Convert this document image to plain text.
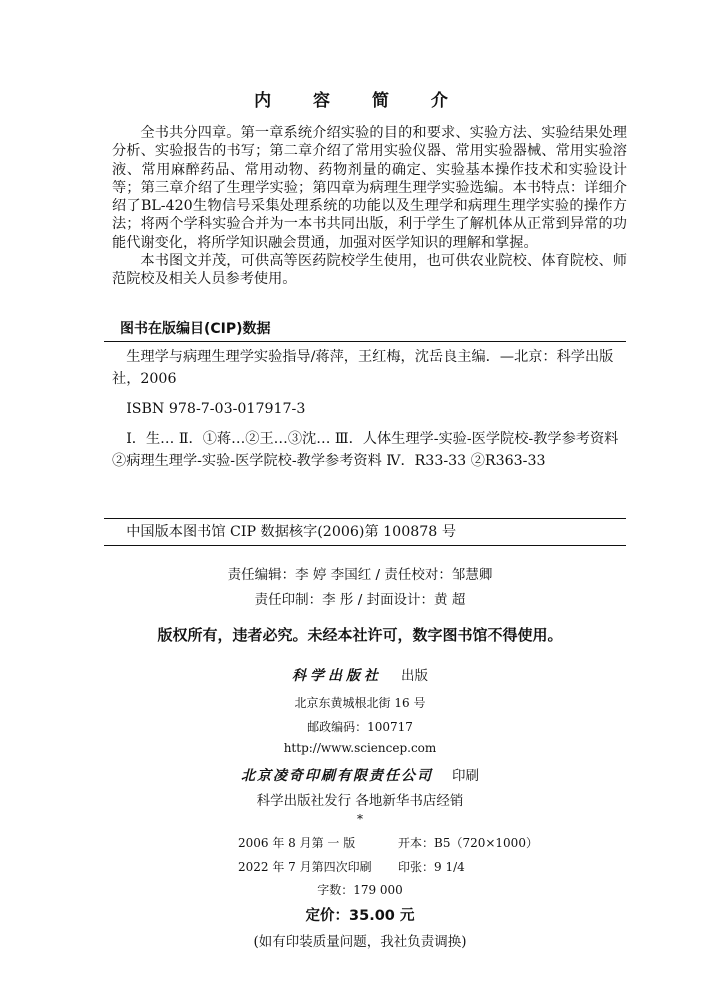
内 容 简 介

全书共分四章。第一章系统介绍实验的目的和要求、实验方法、实验结果处理分析、实验报告的书写；第二章介绍了常用实验仪器、常用实验器械、常用实验溶液、常用麻醉药品、常用动物、药物剂量的确定、实验基本操作技术和实验设计等；第三章介绍了生理学实验；第四章为病理生理学实验选编。本书特点：详细介绍了BL-420生物信号采集处理系统的功能以及生理学和病理生理学实验的操作方法；将两个学科实验合并为一本书共同出版，利于学生了解机体从正常到异常的功能代谢变化，将所学知识融会贯通，加强对医学知识的理解和掌握。

本书图文并茂，可供高等医药院校学生使用，也可供农业院校、体育院校、师范院校及相关人员参考使用。

图书在版编目(CIP)数据
生理学与病理生理学实验指导/蒋萍，王红梅，沈岳良主编．—北京：科学出版社，2006
ISBN 978-7-03-017917-3
Ⅰ．生… Ⅱ．①蒋…②王…③沈… Ⅲ．人体生理学-实验-医学院校-教学参考资料②病理生理学-实验-医学院校-教学参考资料 Ⅳ．R33-33 ②R363-33
中国版本图书馆 CIP 数据核字(2006)第 100878 号
责任编辑：李 婷 李国红 / 责任校对：邹慧卿
责任印制：李 彤 / 封面设计：黄 超
版权所有，违者必究。未经本社许可，数字图书馆不得使用。
科学出版社 出版
北京东黄城根北街 16 号
邮政编码：100717
http://www.sciencep.com
北京凌奇印刷有限责任公司 印刷
科学出版社发行 各地新华书店经销
*
2006 年 8 月第 一 版	开本：B5（720×1000）
2022 年 7 月第四次印刷 印张：9 1/4
字数：179 000
定价：35.00 元
(如有印装质量问题，我社负责调换)
